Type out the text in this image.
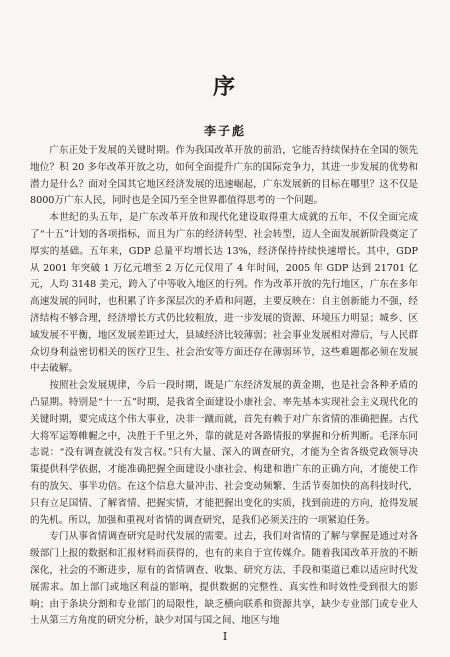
序
李子彪

广东正处于发展的关键时期。作为我国改革开放的前沿，它能否持续保持在全国的领先地位？积 20 多年改革开放之功，如何全面提升广东的国际竞争力，其进一步发展的优势和潜力是什么？面对全国其它地区经济发展的迅速崛起，广东发展新的目标在哪里？这不仅是 8000万广东人民，同时也是全国乃至全世界都值得思考的一个问题。

本世纪的头五年，是广东改革开放和现代化建设取得重大成就的五年，不仅全面完成了“十五”计划的各项指标，而且为广东的经济转型、社会转型，迈人全面发展新阶段奠定了厚实的基础。五年来，GDP 总量平均增长达 13%，经济保持持续快速增长。其中，GDP 从 2001 年突破 1 万亿元增至 2 万亿元仅用了 4 年时间，2005 年 GDP 达到 21701 亿元，人均 3148 美元，跨入了中等收入地区的行列。作为改革开放的先行地区，广东在多年高速发展的同时，也积累了许多深层次的矛盾和问题，主要反映在：自主创新能力不强，经济结构不够合理，经济增长方式仍比较粗放，进一步发展的资源、环境压力明显；城乡、区域发展不平衡，地区发展差距过大，县域经济比较薄弱；社会事业发展相对滞后，与人民群众切身利益密切相关的医疗卫生、社会治安等方面还存在薄弱环节，这些难题都必须在发展中去破解。

按照社会发展规律，今后一段时期，既是广东经济发展的黄金期，也是社会各种矛盾的凸显期。特别是“十一五”时期，是我省全面建设小康社会、率先基本实现社会主义现代化的关键时期，要完成这个伟大事业，决非一蹴而就，首先有赖于对广东省情的准确把握。古代大将军运筹帷幄之中，决胜于千里之外，靠的就是对各路情报的掌握和分析判断。毛泽东同志说：“没有调查就没有发言权。”只有大量、深入的调查研究，才能为全省各级党政领导决策提供科学依据，才能准确把握全面建设小康社会、构建和谐广东的正确方向，才能使工作有的放矢、事半功倍。在这个信息大量冲击、社会变动频繁、生活节奏加快的高科技时代，只有立足国情、了解省情、把握实情，才能把握出变化的实质，找到前进的方向，抢得发展的先机。所以，加强和重视对省情的调查研究，是我们必须关注的一项紧迫任务。

专门从事省情调查研究是时代发展的需要。过去，我们对省情的了解与掌握是通过对各级部门上报的数据和汇报材料而获得的，也有的来自于宣传媒介。随着我国改革开放的不断深化，社会的不断进步，原有的省情调查、收集、研究方法、手段和渠道已难以适应时代发展需求。加上部门或地区利益的影响，提供数据的完整性、真实性和时效性受到很大的影响；由于条块分割和专业部门的局限性，缺乏横向联系和资源共享，缺少专业部门或专业人士从第三方角度的研究分析，缺少对国与国之间、地区与地

I
